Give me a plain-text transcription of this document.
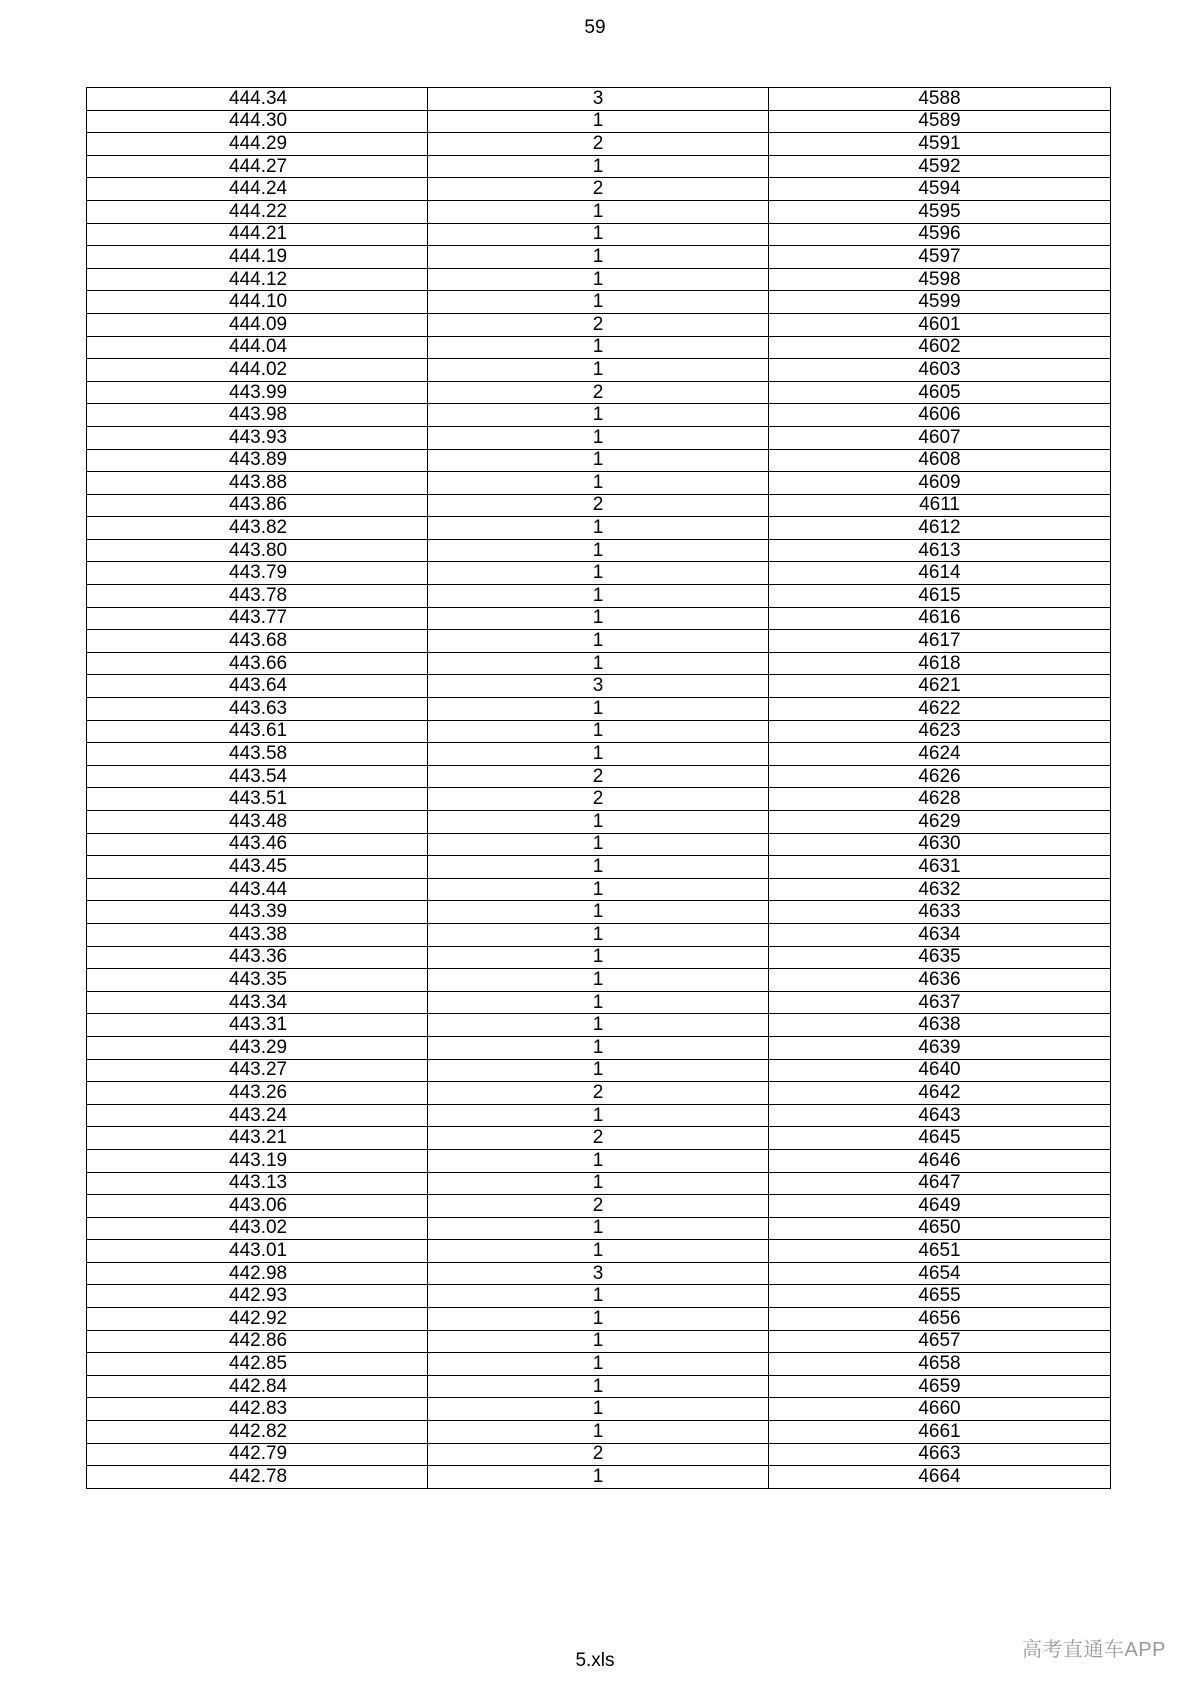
59
444.34	3	4588
444.30	1	4589
444.29	2	4591
444.27	1	4592
444.24	2	4594
444.22	1	4595
444.21	1	4596
444.19	1	4597
444.12	1	4598
444.10	1	4599
444.09	2	4601
444.04	1	4602
444.02	1	4603
443.99	2	4605
443.98	1	4606
443.93	1	4607
443.89	1	4608
443.88	1	4609
443.86	2	4611
443.82	1	4612
443.80	1	4613
443.79	1	4614
443.78	1	4615
443.77	1	4616
443.68	1	4617
443.66	1	4618
443.64	3	4621
443.63	1	4622
443.61	1	4623
443.58	1	4624
443.54	2	4626
443.51	2	4628
443.48	1	4629
443.46	1	4630
443.45	1	4631
443.44	1	4632
443.39	1	4633
443.38	1	4634
443.36	1	4635
443.35	1	4636
443.34	1	4637
443.31	1	4638
443.29	1	4639
443.27	1	4640
443.26	2	4642
443.24	1	4643
443.21	2	4645
443.19	1	4646
443.13	1	4647
443.06	2	4649
443.02	1	4650
443.01	1	4651
442.98	3	4654
442.93	1	4655
442.92	1	4656
442.86	1	4657
442.85	1	4658
442.84	1	4659
442.83	1	4660
442.82	1	4661
442.79	2	4663
442.78	1	4664
5.xls	高考直通车APP
